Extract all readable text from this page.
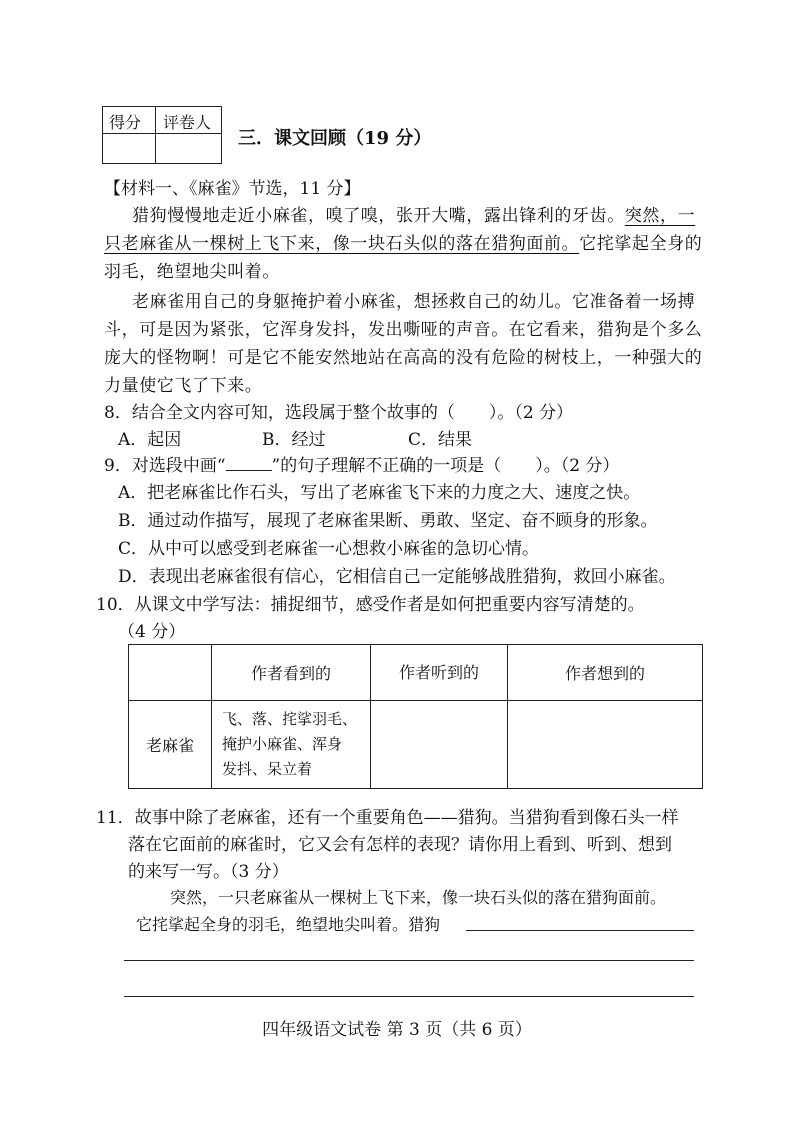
得分 评卷人
三．课文回顾（19 分）
【材料一、《麻雀》节选，11 分】
猎狗慢慢地走近小麻雀，嗅了嗅，张开大嘴，露出锋利的牙齿。突然，一
只老麻雀从一棵树上飞下来，像一块石头似的落在猎狗面前。它挓挲起全身的
羽毛，绝望地尖叫着。
老麻雀用自己的身躯掩护着小麻雀，想拯救自己的幼儿。它准备着一场搏
斗，可是因为紧张，它浑身发抖，发出嘶哑的声音。在它看来，猎狗是个多么
庞大的怪物啊！可是它不能安然地站在高高的没有危险的树枝上，一种强大的
力量使它飞了下来。
8．结合全文内容可知，选段属于整个故事的（　　）。（2 分）
A．起因	B．经过	C．结果
9．对选段中画“	”的句子理解不正确的一项是（　　）。（2 分）
A．把老麻雀比作石头，写出了老麻雀飞下来的力度之大、速度之快。
B．通过动作描写，展现了老麻雀果断、勇敢、坚定、奋不顾身的形象。
C．从中可以感受到老麻雀一心想救小麻雀的急切心情。
D．表现出老麻雀很有信心，它相信自己一定能够战胜猎狗，救回小麻雀。
10．从课文中学写法：捕捉细节，感受作者是如何把重要内容写清楚的。
（4 分）
	作者看到的	作者听到的	作者想到的
老麻雀	飞、落、挓挲羽毛、
掩护小麻雀、浑身
发抖、呆立着		

11．故事中除了老麻雀，还有一个重要角色——猎狗。当猎狗看到像石头一样
落在它面前的麻雀时，它又会有怎样的表现？请你用上看到、听到、想到
的来写一写。（3 分）
突然，一只老麻雀从一棵树上飞下来，像一块石头似的落在猎狗面前。
它挓挲起全身的羽毛，绝望地尖叫着。猎狗
四年级语文试卷 第 3 页（共 6 页）
